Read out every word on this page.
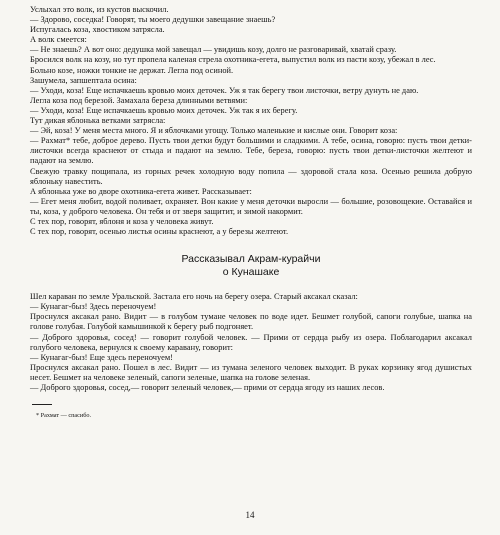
Услыхал это волк, из кустов выскочил.

— Здорово, соседка! Говорят, ты моего дедушки завещание знаешь?

Испугалась коза, хвостиком затрясла.

А волк смеется:

— Не знаешь? А вот оно: дедушка мой завещал — увидишь козу, долго не разговаривай, хватай сразу.

Бросился волк на козу, но тут пропела каленая стрела охотника-егета, выпустил волк из пасти козу, убежал в лес.

Больно козе, ножки тонкие не держат. Легла под осиной.

Зашумела, запшептала осина:

— Уходи, коза! Еще испачкаешь кровью моих деточек. Уж я так берегу твои листочки, ветру дунуть не даю.

Легла коза под березой. Замахала береза длинными ветвями:

— Уходи, коза! Еще испачкаешь кровью моих деточек. Уж так я их берегу.

Тут дикая яблонька ветками затрясла:

— Эй, коза! У меня места много. Я и яблочками угощу. Только маленькие и кислые они. Говорит коза:

— Рахмат* тебе, доброе дерево. Пусть твои детки будут большими и сладкими. А тебе, осина, говорю: пусть твои детки-листочки всегда краснеют от стыда и падают на землю. Тебе, береза, говорю: пусть твои детки-листочки желтеют и падают на землю.

Свежую травку пощипала, из горных речек холодную воду попила — здоровой стала коза. Осенью решила добрую яблоньку навестить.

А яблонька уже во дворе охотника-егета живет. Рассказывает:

— Егет меня любит, водой поливает, охраняет. Вон какие у меня деточки выросли — большие, розовощекие. Оставайся и ты, коза, у доброго человека. Он тебя и от зверя защитит, и зимой накормит.

С тех пор, говорят, яблоня и коза у человека живут.

С тех пор, говорят, осенью листья осины краснеют, а у березы желтеют.

Рассказывал Акрам-курайчи
о Кунашаке

Шел караван по земле Уральской. Застала его ночь на берегу озера. Старый аксакал сказал:

— Кунагаг-быз! Здесь переночуем!

Проснулся аксакал рано. Видит — в голубом тумане человек по воде идет. Бешмет голубой, сапоги голубые, шапка на голове голубая. Голубой камышинкой к берегу рыб подгоняет.

— Доброго здоровья, сосед! — говорит голубой человек. — Прими от сердца рыбу из озера. Поблагодарил аксакал голубого человека, вернулся к своему каравану, говорит:

— Кунагаг-быз! Еще здесь переночуем!

Проснулся аксакал рано. Пошел в лес. Видит — из тумана зеленого человек выходит. В руках корзинку ягод душистых несет. Бешмет на человеке зеленый, сапоги зеленые, шапка на голове зеленая.

— Доброго здоровья, сосед,— говорит зеленый человек,— прими от сердца ягоду из наших лесов.

* Рахмат — спасибо.

14
